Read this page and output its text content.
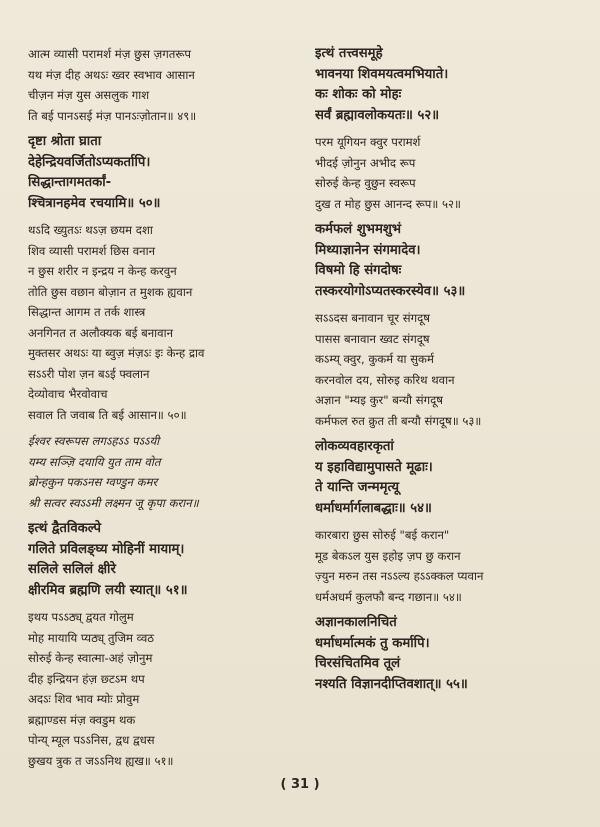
आत्म व्यासी परामर्श मंज़ छुस ज़गतरूप
यथ मंज़ दीह अथऽः ख्वर स्वभाव आसान
चीज़न मंज़ युस असलुक गाश
ति बई पानऽसई मंज़ पानऽःज़ोतान॥ ४९॥
दृष्टा श्रोता घ्राता
देहेन्द्रियवर्जितोऽप्यकर्तापि।
सिद्धान्तागमतर्कां-
श्चित्रानहमेव रचयामि॥ ५०॥
थऽदि ख्युतऽः थऽज़ छयम दशा
शिव व्यासी परामर्श छिस वनान
न छुस शरीर न इन्द्रय न केन्ह करवुन
तोति छुस वछान बोज़ान त मुशक ह्यवान
सिद्धान्त आगम त तर्क शास्त्र
अनगिनत त अलौक्यक बई बनावान
मुक्तसर अथऽः या ब्वुज़ मंज़ऽः इः केन्ह द्राव
सऽऽरी पोश ज़न बऽई फ्वलान
देव्योवाच भैरवोवाच
सवाल ति जवाब ति बई आसान॥ ५०॥
ईश्वर स्वरूपस लगऽहऽऽ पऽऽयी
यम्य सञ्ज़ि दयायि युत ताम वोत
ब्रोन्हकुन पकऽनस ग्वण्डुन कमर
श्री सत्वर स्वऽऽमी लक्ष्मन जू कृपा करान॥
इत्थं द्वैतविकल्पे
गलिते प्रविलङ्घ्य मोहिनीं मायाम्।
सलिले सलिलं क्षीरे
क्षीरमिव ब्रह्मणि लयी स्यात्॥ ५१॥
इथय पऽऽठ्य् द्वयत गोलुम
मोह मायायि प्यठ्य् तुजिम व्वठ
सोरुई केन्ह स्वात्मा-अहं ज़ोनुम
दीह इन्द्रियन हंज़ छ्टऽम थप
अदऽः शिव भाव म्योः प्रोवुम
ब्रह्माण्डस मंज़ क्वडुम थक
पोन्य् म्यूल पऽऽनिस, द्वध द्वधस
छुखय त्रुक त जऽऽनिथ ह्यख॥ ५१॥
इत्थं तत्त्वसमूहे
भावनया शिवमयत्वमभियाते।
कः शोकः को मोहः
सर्वं ब्रह्मावलोकयतः॥ ५२॥
परम यूगियन क्वुर परामर्श
भीदई ज़ोनुन अभीद रूप
सोरुई केन्ह वुछुन स्वरूप
दुख त मोह छुस आनन्द रूप॥ ५२॥
कर्मफलं शुभमशुभं
मिथ्याज्ञानेन संगमादेव।
विषमो हि संगदोषः
तस्करयोगोऽप्यतस्करस्येव॥ ५३॥
सऽऽदस बनावान चूर संगदूष
पासस बनावान ख्वट संगदूष
कऽम्य् क्वुर, कुकर्म या सुकर्म
करनवोल दय, सोरुइ करिथ थवान
अज्ञान "म्यइ कुर" बन्यौ संगदूष
कर्मफल रुत क्रुत ती बन्यौ संगदूष॥ ५३॥
लोकव्यवहारकृतां
य इहाविद्यामुपासते मूढाः।
ते यान्ति जन्ममृत्यू
धर्माधर्मार्गलाबद्धाः॥ ५४॥
कारबारा छुस सोरुई "बई करान"
मूड बेकऽल युस इहोइ ज़प छु करान
ज़्युन मरुन तस नऽऽल्य हऽऽक्कल प्यवान
धर्मअधर्म कुलफौ बन्द गछान॥ ५४॥
अज्ञानकालनिचितं
धर्माधर्मात्मकं तु कर्मापि।
चिरसंचितमिव तूलं
नश्यति विज्ञानदीप्तिवशात्॥ ५५॥
( 31 )
